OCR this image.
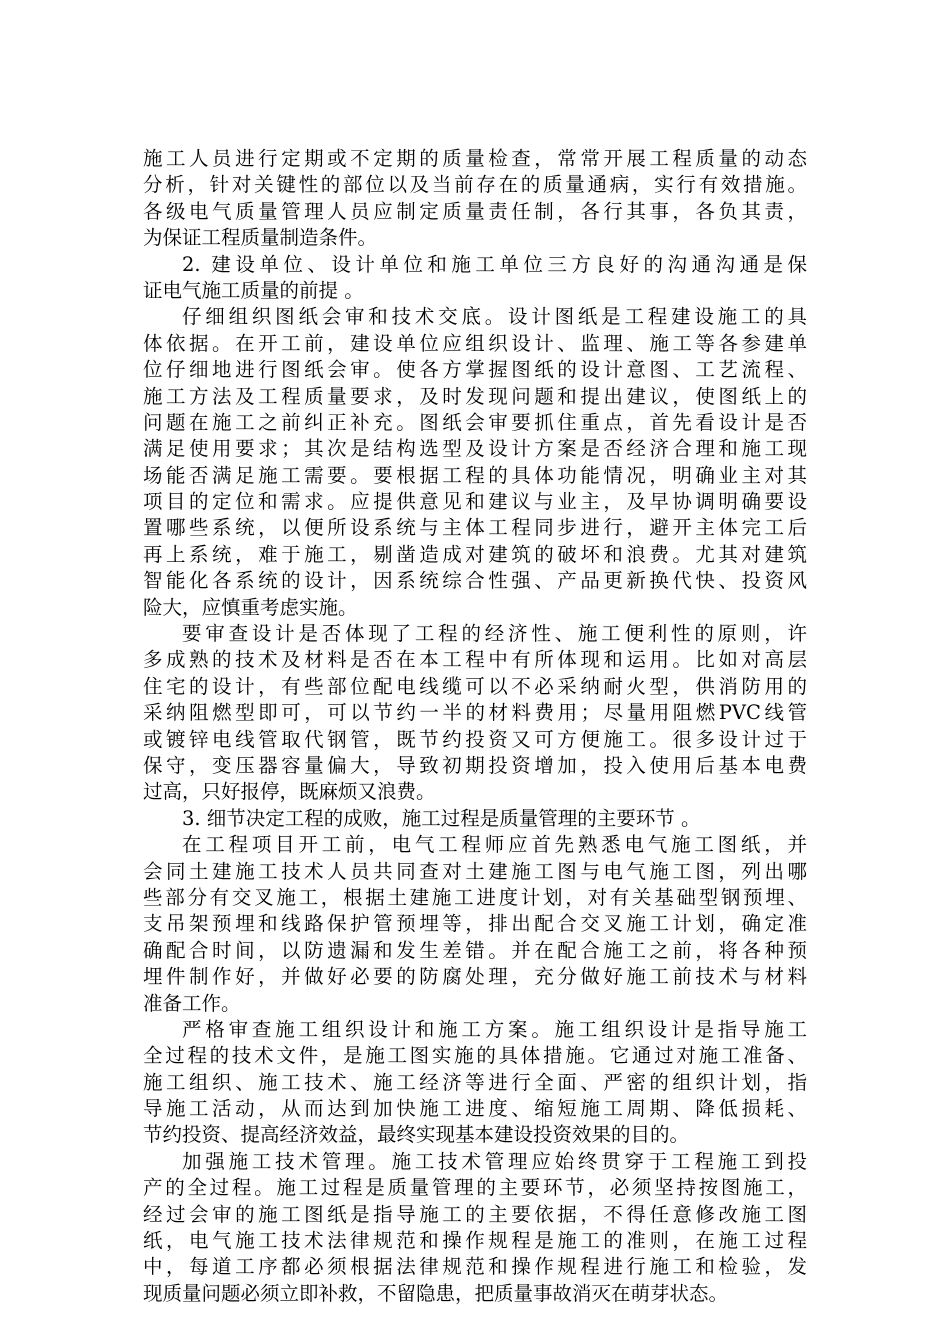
施工人员进行定期或不定期的质量检查，常常开展工程质量的动态
分析，针对关键性的部位以及当前存在的质量通病，实行有效措施。
各级电气质量管理人员应制定质量责任制，各行其事，各负其责，
为保证工程质量制造条件。
2. 建设单位、设计单位和施工单位三方良好的沟通沟通是保
证电气施工质量的前提 。
仔细组织图纸会审和技术交底。设计图纸是工程建设施工的具
体依据。在开工前，建设单位应组织设计、监理、施工等各参建单
位仔细地进行图纸会审。使各方掌握图纸的设计意图、工艺流程、
施工方法及工程质量要求，及时发现问题和提出建议，使图纸上的
问题在施工之前纠正补充。图纸会审要抓住重点，首先看设计是否
满足使用要求；其次是结构选型及设计方案是否经济合理和施工现
场能否满足施工需要。要根据工程的具体功能情况，明确业主对其
项目的定位和需求。应提供意见和建议与业主，及早协调明确要设
置哪些系统，以便所设系统与主体工程同步进行，避开主体完工后
再上系统，难于施工，剔凿造成对建筑的破坏和浪费。尤其对建筑
智能化各系统的设计，因系统综合性强、产品更新换代快、投资风
险大，应慎重考虑实施。
要审查设计是否体现了工程的经济性、施工便利性的原则，许
多成熟的技术及材料是否在本工程中有所体现和运用。比如对高层
住宅的设计，有些部位配电线缆可以不必采纳耐火型，供消防用的
采纳阻燃型即可，可以节约一半的材料费用；尽量用阻燃PVC线管
或镀锌电线管取代钢管，既节约投资又可方便施工。很多设计过于
保守，变压器容量偏大，导致初期投资增加，投入使用后基本电费
过高，只好报停，既麻烦又浪费。
3. 细节决定工程的成败，施工过程是质量管理的主要环节 。
在工程项目开工前，电气工程师应首先熟悉电气施工图纸，并
会同土建施工技术人员共同查对土建施工图与电气施工图，列出哪
些部分有交叉施工，根据土建施工进度计划，对有关基础型钢预埋、
支吊架预埋和线路保护管预埋等，排出配合交叉施工计划，确定准
确配合时间，以防遗漏和发生差错。并在配合施工之前，将各种预
埋件制作好，并做好必要的防腐处理，充分做好施工前技术与材料
准备工作。
严格审查施工组织设计和施工方案。施工组织设计是指导施工
全过程的技术文件，是施工图实施的具体措施。它通过对施工准备、
施工组织、施工技术、施工经济等进行全面、严密的组织计划，指
导施工活动，从而达到加快施工进度、缩短施工周期、降低损耗、
节约投资、提高经济效益，最终实现基本建设投资效果的目的。
加强施工技术管理。施工技术管理应始终贯穿于工程施工到投
产的全过程。施工过程是质量管理的主要环节，必须坚持按图施工，
经过会审的施工图纸是指导施工的主要依据，不得任意修改施工图
纸，电气施工技术法律规范和操作规程是施工的准则，在施工过程
中，每道工序都必须根据法律规范和操作规程进行施工和检验，发
现质量问题必须立即补救，不留隐患，把质量事故消灭在萌芽状态。
